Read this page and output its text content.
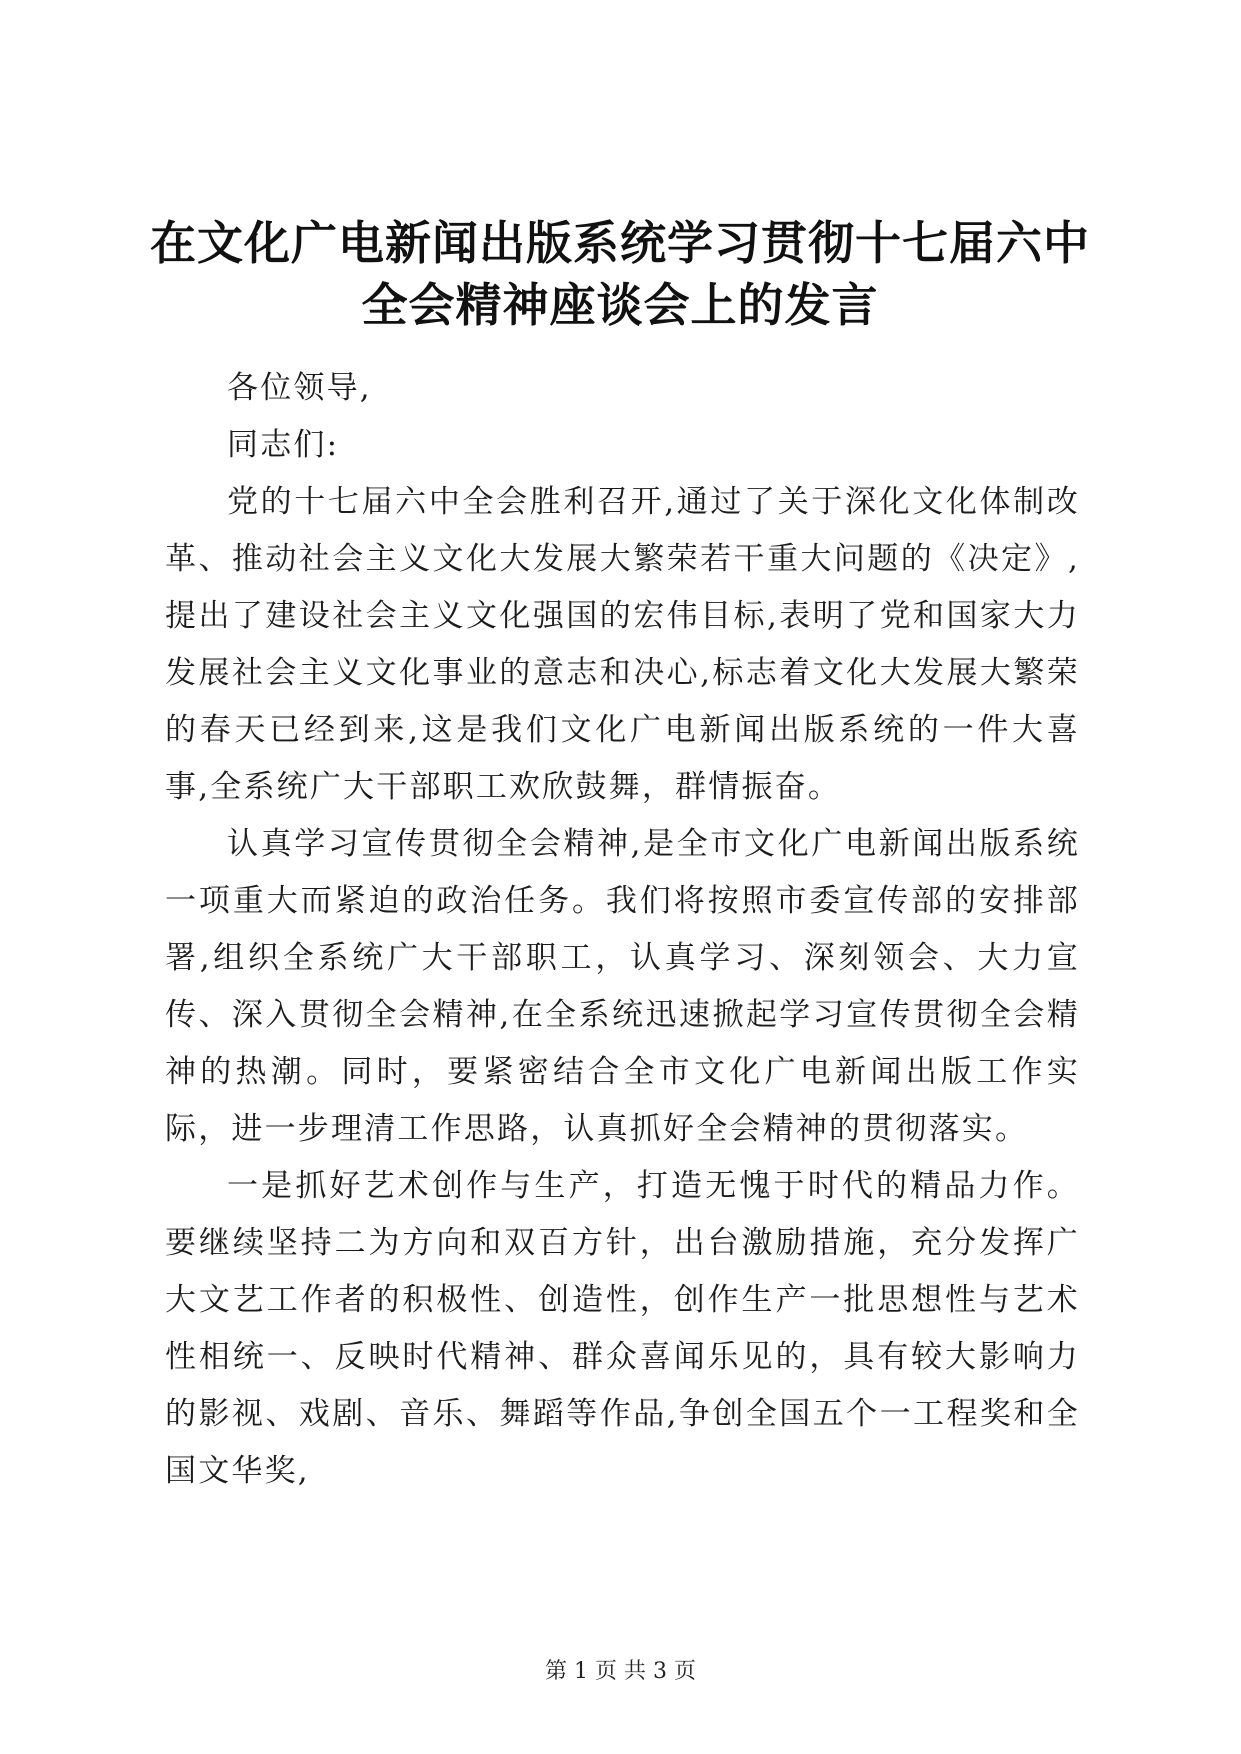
在文化广电新闻出版系统学习贯彻十七届六中
全会精神座谈会上的发言

各位领导,

同志们:

党的十七届六中全会胜利召开,通过了关于深化文化体制改革、推动社会主义文化大发展大繁荣若干重大问题的《决定》,提出了建设社会主义文化强国的宏伟目标,表明了党和国家大力发展社会主义文化事业的意志和决心,标志着文化大发展大繁荣的春天已经到来,这是我们文化广电新闻出版系统的一件大喜事,全系统广大干部职工欢欣鼓舞，群情振奋。

认真学习宣传贯彻全会精神,是全市文化广电新闻出版系统一项重大而紧迫的政治任务。我们将按照市委宣传部的安排部署,组织全系统广大干部职工，认真学习、深刻领会、大力宣传、深入贯彻全会精神,在全系统迅速掀起学习宣传贯彻全会精神的热潮。同时，要紧密结合全市文化广电新闻出版工作实际，进一步理清工作思路，认真抓好全会精神的贯彻落实。

一是抓好艺术创作与生产，打造无愧于时代的精品力作。要继续坚持二为方向和双百方针，出台激励措施，充分发挥广大文艺工作者的积极性、创造性，创作生产一批思想性与艺术性相统一、反映时代精神、群众喜闻乐见的，具有较大影响力的影视、戏剧、音乐、舞蹈等作品,争创全国五个一工程奖和全国文华奖,

第 1 页 共 3 页
